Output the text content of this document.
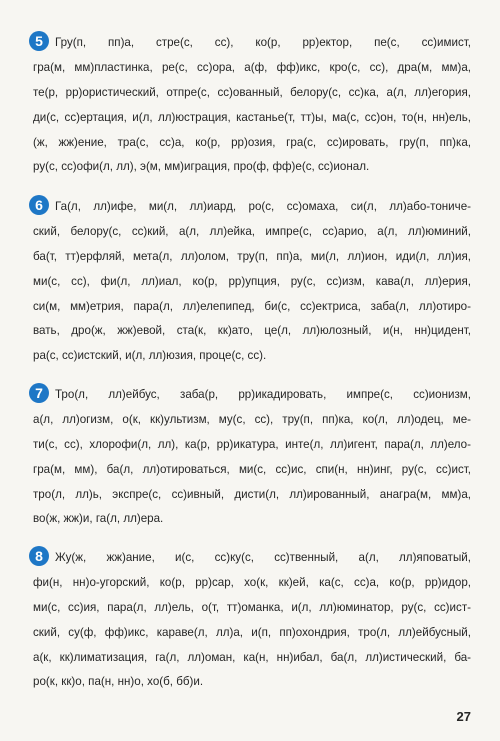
5	Гру(п, пп)а, стре(с, сс), ко(р, рр)ектор, пе(с, сс)имист,
гра(м, мм)пластинка, ре(с, сс)ора, а(ф, фф)икс, кро(с, сс), дра(м, мм)а,
те(р, рр)ористический, отпре(с, сс)ованный, белору(с, сс)ка, а(л, лл)егория,
ди(с, сс)ертация, и(л, лл)юстрация, кастанье(т, тт)ы, ма(с, сс)он, то(н, нн)ель,
(ж, жж)ение, тра(с, сс)а, ко(р, рр)озия, гра(с, сс)ировать, гру(п, пп)ка,
ру(с, сс)офи(л, лл), э(м, мм)играция, про(ф, фф)е(с, сс)ионал.
6	Га(л, лл)ифе, ми(л, лл)иард, ро(с, сс)омаха, си(л, лл)або-тониче-
ский, белору(с, сс)кий, а(л, лл)ейка, импре(с, сс)арио, а(л, лл)юминий,
ба(т, тт)ерфляй, мета(л, лл)олом, тру(п, пп)а, ми(л, лл)ион, иди(л, лл)ия,
ми(с, сс), фи(л, лл)иал, ко(р, рр)упция, ру(с, сс)изм, кава(л, лл)ерия,
си(м, мм)етрия, пара(л, лл)елепипед, би(с, сс)ектриса, заба(л, лл)отиро-
вать, дро(ж, жж)евой, ста(к, кк)ато, це(л, лл)юлозный, и(н, нн)цидент,
ра(с, сс)истский, и(л, лл)юзия, проце(с, сс).
7	Тро(л, лл)ейбус, заба(р, рр)икадировать, импре(с, сс)ионизм,
а(л, лл)огизм, о(к, кк)ультизм, му(с, сс), тру(п, пп)ка, ко(л, лл)одец, ме-
ти(с, сс), хлорофи(л, лл), ка(р, рр)икатура, инте(л, лл)игент, пара(л, лл)ело-
гра(м, мм), ба(л, лл)отироваться, ми(с, сс)ис, спи(н, нн)инг, ру(с, сс)ист,
тро(л, лл)ь, экспре(с, сс)ивный, дисти(л, лл)ированный, анагра(м, мм)а,
во(ж, жж)и, га(л, лл)ера.
8	Жу(ж, жж)ание, и(с, сс)ку(с, сс)твенный, а(л, лл)яповатый,
фи(н, нн)о-угорский, ко(р, рр)сар, хо(к, кк)ей, ка(с, сс)а, ко(р, рр)идор,
ми(с, сс)ия, пара(л, лл)ель, о(т, тт)оманка, и(л, лл)юминатор, ру(с, сс)ист-
ский, су(ф, фф)икс, караве(л, лл)а, и(п, пп)охондрия, тро(л, лл)ейбусный,
а(к, кк)лиматизация, га(л, лл)оман, ка(н, нн)ибал, ба(л, лл)истический, ба-
ро(к, кк)о, па(н, нн)о, хо(б, бб)и.
27
